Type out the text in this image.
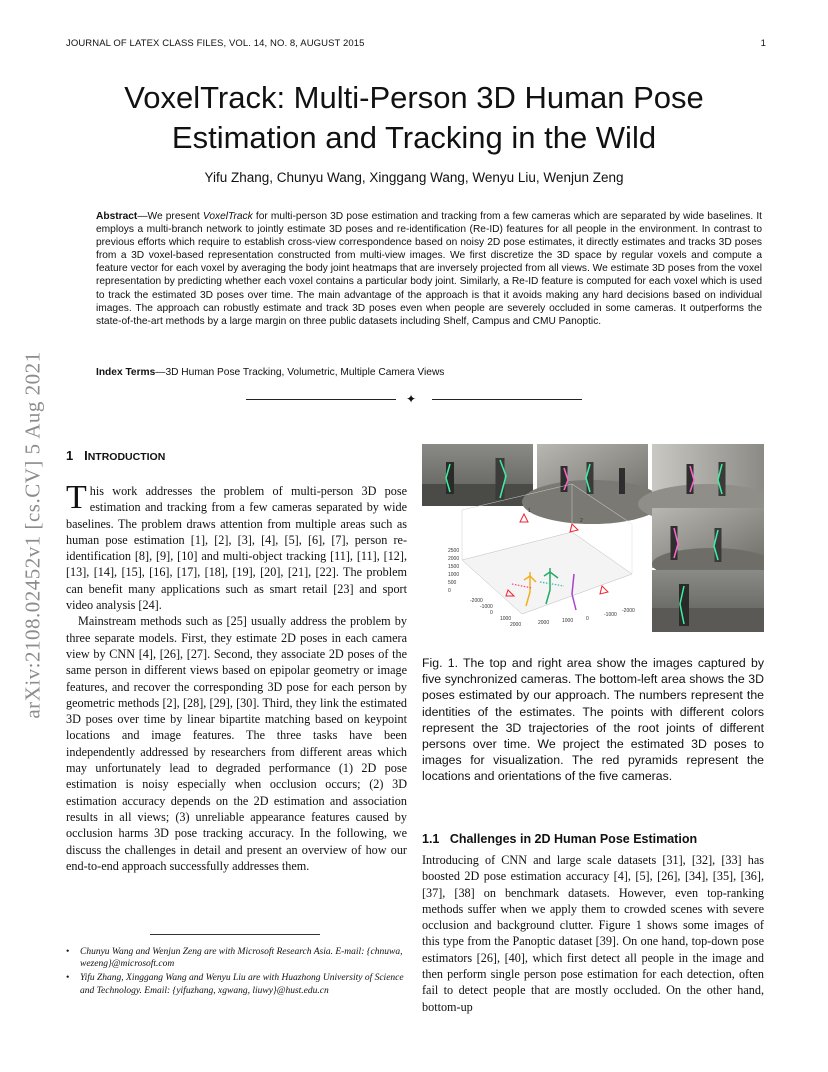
JOURNAL OF LATEX CLASS FILES, VOL. 14, NO. 8, AUGUST 2015	1
arXiv:2108.02452v1 [cs.CV] 5 Aug 2021
VoxelTrack: Multi-Person 3D Human Pose
Estimation and Tracking in the Wild
Yifu Zhang, Chunyu Wang, Xinggang Wang, Wenyu Liu, Wenjun Zeng
Abstract—We present VoxelTrack for multi-person 3D pose estimation and tracking from a few cameras which are separated by wide baselines. It employs a multi-branch network to jointly estimate 3D poses and re-identification (Re-ID) features for all people in the environment. In contrast to previous efforts which require to establish cross-view correspondence based on noisy 2D pose estimates, it directly estimates and tracks 3D poses from a 3D voxel-based representation constructed from multi-view images. We first discretize the 3D space by regular voxels and compute a feature vector for each voxel by averaging the body joint heatmaps that are inversely projected from all views. We estimate 3D poses from the voxel representation by predicting whether each voxel contains a particular body joint. Similarly, a Re-ID feature is computed for each voxel which is used to track the estimated 3D poses over time. The main advantage of the approach is that it avoids making any hard decisions based on individual images. The approach can robustly estimate and track 3D poses even when people are severely occluded in some cameras. It outperforms the state-of-the-art methods by a large margin on three public datasets including Shelf, Campus and CMU Panoptic.
Index Terms—3D Human Pose Tracking, Volumetric, Multiple Camera Views
✦
1 INTRODUCTION

This work addresses the problem of multi-person 3D pose estimation and tracking from a few cameras separated by wide baselines. The problem draws attention from multiple areas such as human pose estimation [1], [2], [3], [4], [5], [6], [7], person re-identification [8], [9], [10] and multi-object tracking [11], [11], [12], [13], [14], [15], [16], [17], [18], [19], [20], [21], [22]. The problem can benefit many applications such as smart retail [23] and sport video analysis [24].

Mainstream methods such as [25] usually address the problem by three separate models. First, they estimate 2D poses in each camera view by CNN [4], [26], [27]. Second, they associate 2D poses of the same person in different views based on epipolar geometry or image features, and recover the corresponding 3D pose for each person by geometric methods [2], [28], [29], [30]. Third, they link the estimated 3D poses over time by linear bipartite matching based on keypoint locations and image features. The three tasks have been independently addressed by researchers from different areas which may unfortunately lead to degraded performance (1) 2D pose estimation is noisy especially when occlusion occurs; (2) 3D estimation accuracy depends on the 2D estimation and association results in all views; (3) unreliable appearance features caused by occlusion harms 3D pose tracking accuracy. In the following, we discuss the challenges in detail and present an overview of how our end-to-end approach successfully addresses them.

• Chunyu Wang and Wenjun Zeng are with Microsoft Research Asia. E-mail: {chnuwa, wezeng}@microsoft.com
• Yifu Zhang, Xinggang Wang and Wenyu Liu are with Huazhong University of Science and Technology. Email: {yifuzhang, xgwang, liuwy}@hust.edu.cn
1
2
2500
2000
1500
1000
500
0
-2000
-1000
0
1000
2000
-2000
-1000
0
1000
2000
Fig. 1. The top and right area show the images captured by five synchronized cameras. The bottom-left area shows the 3D poses estimated by our approach. The numbers represent the identities of the estimates. The points with different colors represent the 3D trajectories of the root joints of different persons over time. We project the estimated 3D poses to images for visualization. The red pyramids represent the locations and orientations of the five cameras.
1.1 Challenges in 2D Human Pose Estimation
Introducing of CNN and large scale datasets [31], [32], [33] has boosted 2D pose estimation accuracy [4], [5], [26], [34], [35], [36], [37], [38] on benchmark datasets. However, even top-ranking methods suffer when we apply them to crowded scenes with severe occlusion and background clutter. Figure 1 shows some images of this type from the Panoptic dataset [39]. On one hand, top-down pose estimators [26], [40], which first detect all people in the image and then perform single person pose estimation for each detection, often fail to detect people that are mostly occluded. On the other hand, bottom-up
